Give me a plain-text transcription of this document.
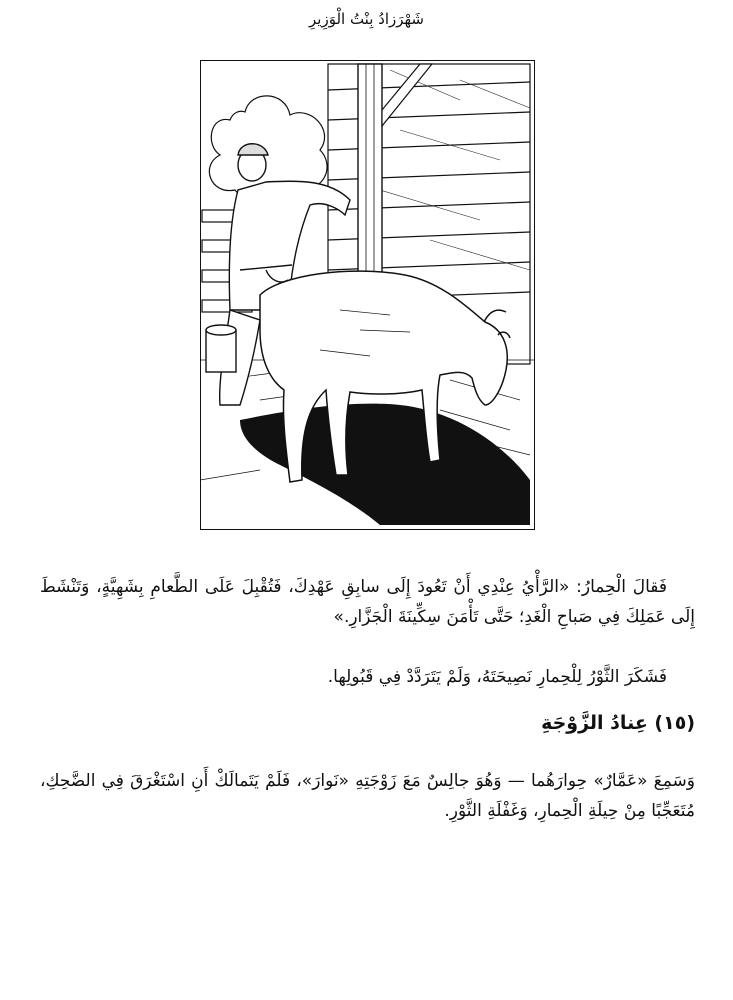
شَهْرَزادُ بِنْتُ الْوَزِيرِ
فَقالَ الْحِمارُ: «الرَّأْيُ عِنْدِي أَنْ تَعُودَ إِلَى سابِقِ عَهْدِكَ، فَتُقْبِلَ عَلَى الطَّعامِ بِشَهِيَّةٍ، وَتَنْشَطَ إِلَى عَمَلِكَ فِي صَباحِ الْغَدِ؛ حَتَّى تَأْمَنَ سِكِّينَةَ الْجَزَّارِ.»
فَشَكَرَ الثَّوْرُ لِلْحِمارِ نَصِيحَتَهُ، وَلَمْ يَتَرَدَّدْ فِي قَبُولِها.
(١٥) عِنادُ الزَّوْجَةِ
وَسَمِعَ «عَمَّارٌ» حِوارَهُما — وَهُوَ جالِسٌ مَعَ زَوْجَتِهِ «نَوارَ»، فَلَمْ يَتَمالَكْ أَنِ اسْتَغْرَقَ فِي الضَّحِكِ، مُتَعَجِّبًا مِنْ حِيلَةِ الْحِمارِ، وَغَفْلَةِ الثَّوْرِ.
